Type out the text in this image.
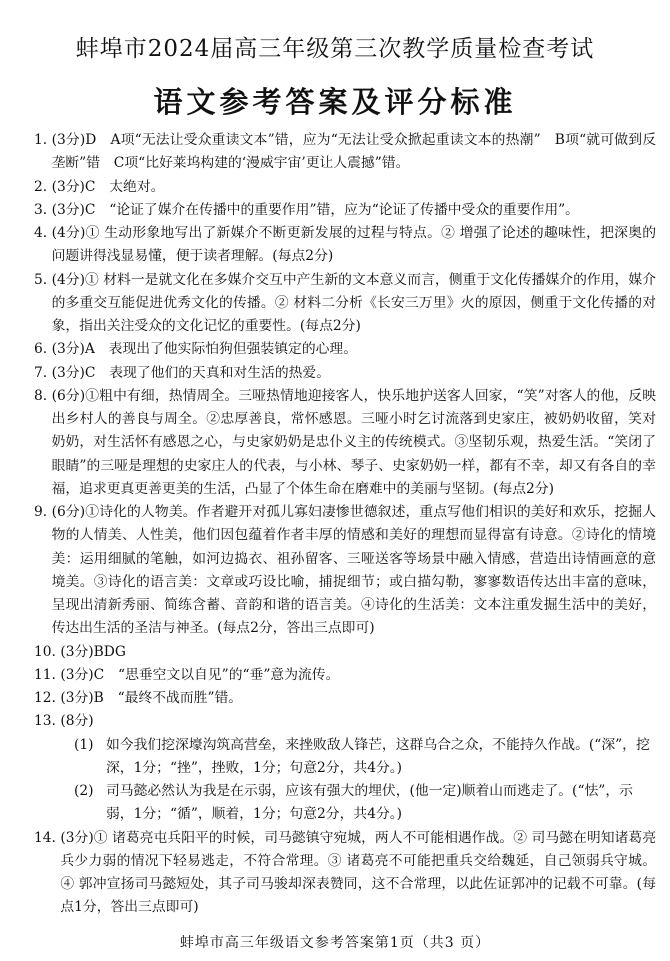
蚌埠市2024届高三年级第三次教学质量检查考试
语文参考答案及评分标准
1. (3分)D　A项“无法让受众重读文本”错，应为“无法让受众掀起重读文本的热潮”　B项“就可做到反垄断”错　C项“比好莱坞构建的‘漫威宇宙’更让人震撼”错。
2. (3分)C　太绝对。
3. (3分)C　“论证了媒介在传播中的重要作用”错，应为“论证了传播中受众的重要作用”。
4. (4分)① 生动形象地写出了新媒介不断更新发展的过程与特点。② 增强了论述的趣味性，把深奥的问题讲得浅显易懂，便于读者理解。(每点2分)
5. (4分)① 材料一是就文化在多媒介交互中产生新的文本意义而言，侧重于文化传播媒介的作用，媒介的多重交互能促进优秀文化的传播。② 材料二分析《长安三万里》火的原因，侧重于文化传播的对象，指出关注受众的文化记忆的重要性。(每点2分)
6. (3分)A　表现出了他实际怕狗但强装镇定的心理。
7. (3分)C　表现了他们的天真和对生活的热爱。
8. (6分)①粗中有细，热情周全。三哑热情地迎接客人，快乐地护送客人回家，“笑”对客人的他，反映出乡村人的善良与周全。②忠厚善良，常怀感恩。三哑小时乞讨流落到史家庄，被奶奶收留，笑对奶奶，对生活怀有感恩之心，与史家奶奶是忠仆义主的传统模式。③坚韧乐观，热爱生活。“笑闭了眼睛”的三哑是理想的史家庄人的代表，与小林、琴子、史家奶奶一样，都有不幸，却又有各自的幸福，追求更真更善更美的生活，凸显了个体生命在磨难中的美丽与坚韧。(每点2分)
9. (6分)①诗化的人物美。作者避开对孤儿寡妇凄惨世德叙述，重点写他们相识的美好和欢乐，挖掘人物的人情美、人性美，他们因包蕴着作者丰厚的情感和美好的理想而显得富有诗意。②诗化的情境美：运用细腻的笔触，如河边捣衣、祖孙留客、三哑送客等场景中融入情感，营造出诗情画意的意境美。③诗化的语言美：文章或巧设比喻，捕捉细节；或白描勾勒，寥寥数语传达出丰富的意味，呈现出清新秀丽、简练含蓄、音韵和谐的语言美。④诗化的生活美：文本注重发掘生活中的美好，传达出生活的圣洁与神圣。(每点2分，答出三点即可)
10. (3分)BDG
11. (3分)C　“思垂空文以自见”的“垂”意为流传。
12. (3分)B　“最终不战而胜”错。
13. (8分)
(1) 如今我们挖深壕沟筑高营垒，来挫败敌人锋芒，这群乌合之众，不能持久作战。(“深”，挖深，1分；“挫”，挫败，1分；句意2分，共4分。)
(2) 司马懿必然认为我是在示弱，应该有强大的埋伏，(他一定)顺着山而逃走了。(“怯”，示弱，1分；“循”，顺着，1分；句意2分，共4分。)
14. (3分)① 诸葛亮屯兵阳平的时候，司马懿镇守宛城，两人不可能相遇作战。② 司马懿在明知诸葛亮兵少力弱的情况下轻易逃走，不符合常理。③ 诸葛亮不可能把重兵交给魏延，自己领弱兵守城。④ 郭冲宣扬司马懿短处，其子司马骏却深表赞同，这不合常理，以此佐证郭冲的记载不可靠。(每点1分，答出三点即可)
蚌埠市高三年级语文参考答案第1页（共3 页）
